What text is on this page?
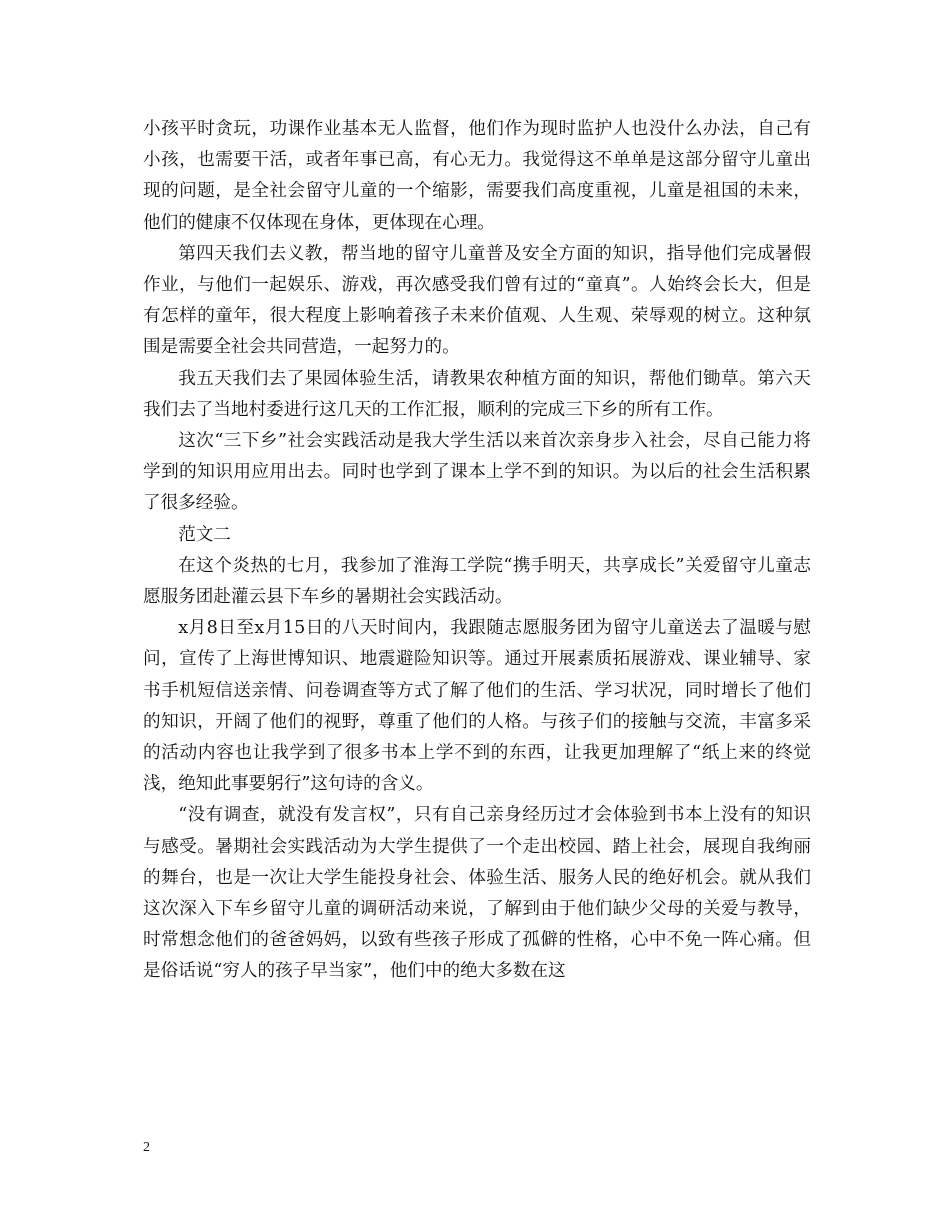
小孩平时贪玩，功课作业基本无人监督，他们作为现时监护人也没什么办法，自己有小孩，也需要干活，或者年事已高，有心无力。我觉得这不单单是这部分留守儿童出现的问题，是全社会留守儿童的一个缩影，需要我们高度重视，儿童是祖国的未来，他们的健康不仅体现在身体，更体现在心理。

第四天我们去义教，帮当地的留守儿童普及安全方面的知识，指导他们完成暑假作业，与他们一起娱乐、游戏，再次感受我们曾有过的“童真”。人始终会长大，但是有怎样的童年，很大程度上影响着孩子未来价值观、人生观、荣辱观的树立。这种氛围是需要全社会共同营造，一起努力的。

我五天我们去了果园体验生活，请教果农种植方面的知识，帮他们锄草。第六天我们去了当地村委进行这几天的工作汇报，顺利的完成三下乡的所有工作。

这次“三下乡”社会实践活动是我大学生活以来首次亲身步入社会，尽自己能力将学到的知识用应用出去。同时也学到了课本上学不到的知识。为以后的社会生活积累了很多经验。

范文二

在这个炎热的七月，我参加了淮海工学院“携手明天，共享成长”关爱留守儿童志愿服务团赴灌云县下车乡的暑期社会实践活动。

x月8日至x月15日的八天时间内，我跟随志愿服务团为留守儿童送去了温暖与慰问，宣传了上海世博知识、地震避险知识等。通过开展素质拓展游戏、课业辅导、家书手机短信送亲情、问卷调查等方式了解了他们的生活、学习状况，同时增长了他们的知识，开阔了他们的视野，尊重了他们的人格。与孩子们的接触与交流，丰富多采的活动内容也让我学到了很多书本上学不到的东西，让我更加理解了“纸上来的终觉浅，绝知此事要躬行”这句诗的含义。

“没有调查，就没有发言权”，只有自己亲身经历过才会体验到书本上没有的知识与感受。暑期社会实践活动为大学生提供了一个走出校园、踏上社会，展现自我绚丽的舞台，也是一次让大学生能投身社会、体验生活、服务人民的绝好机会。就从我们这次深入下车乡留守儿童的调研活动来说，了解到由于他们缺少父母的关爱与教导，时常想念他们的爸爸妈妈，以致有些孩子形成了孤僻的性格，心中不免一阵心痛。但是俗话说“穷人的孩子早当家”，他们中的绝大多数在这

2
